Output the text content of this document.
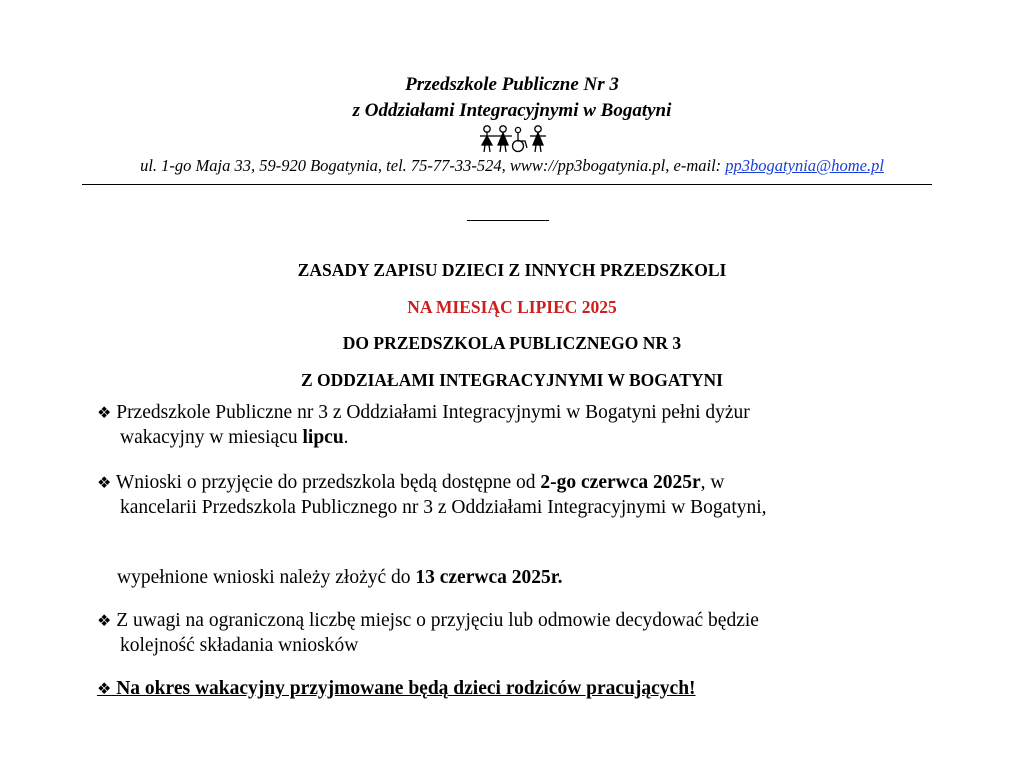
Przedszkole Publiczne Nr 3
z Oddziałami Integracyjnymi w Bogatyni
ul. 1-go Maja 33, 59-920 Bogatynia, tel. 75-77-33-524, www://pp3bogatynia.pl, e-mail: pp3bogatynia@home.pl
ZASADY ZAPISU DZIECI Z INNYCH PRZEDSZKOLI
NA MIESIĄC LIPIEC 2025
DO PRZEDSZKOLA PUBLICZNEGO NR 3
Z ODDZIAŁAMI INTEGRACYJNYMI W BOGATYNI
❖ Przedszkole Publiczne nr 3 z Oddziałami Integracyjnymi w Bogatyni pełni dyżur
wakacyjny w miesiącu lipcu.
❖ Wnioski o przyjęcie do przedszkola będą dostępne od 2-go czerwca 2025r, w

kancelarii Przedszkola Publicznego nr 3 z Oddziałami Integracyjnymi w Bogatyni,
wypełnione wnioski należy złożyć do 13 czerwca 2025r.
❖ Z uwagi na ograniczoną liczbę miejsc o przyjęciu lub odmowie decydować będzie
kolejność składania wniosków
❖ Na okres wakacyjny przyjmowane będą dzieci rodziców pracujących!
